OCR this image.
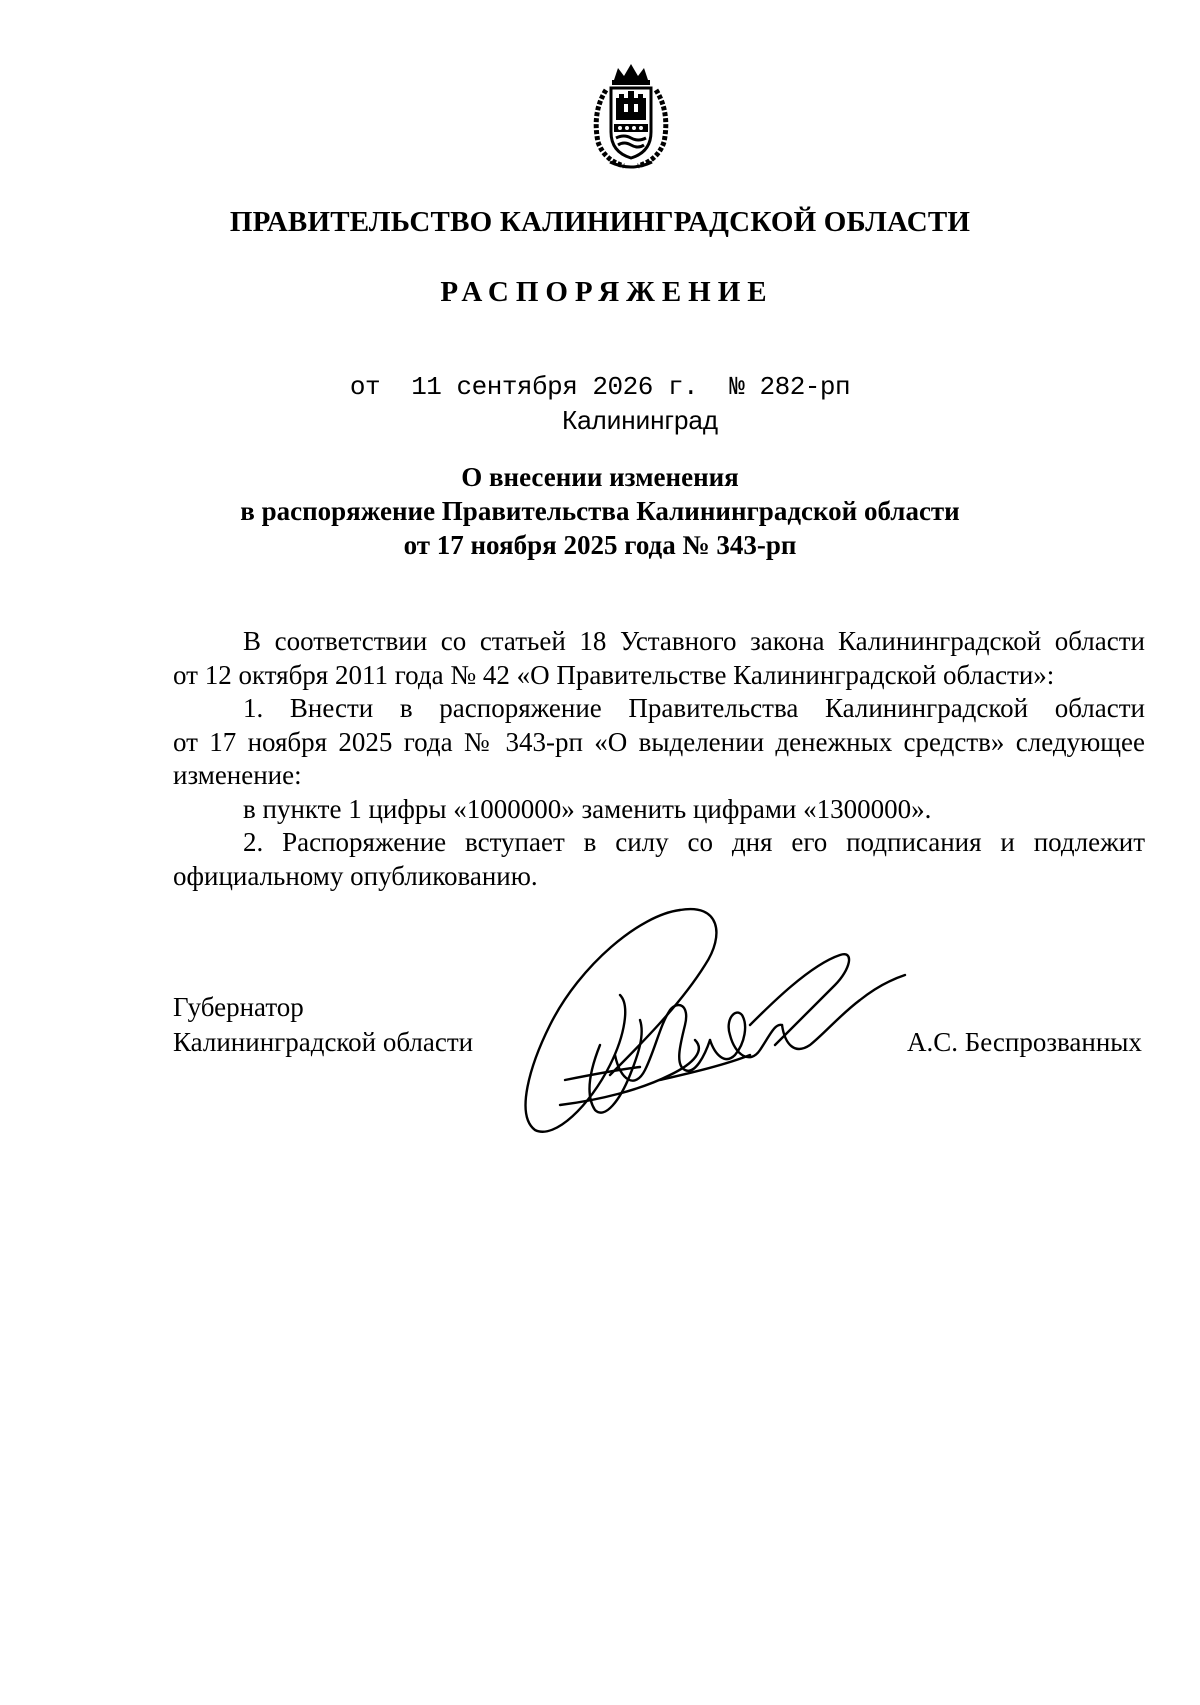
ПРАВИТЕЛЬСТВО КАЛИНИНГРАДСКОЙ ОБЛАСТИ
РАСПОРЯЖЕНИЕ
от 11 сентября 2026 г. № 282-рп
Калининград
О внесении изменения
в распоряжение Правительства Калининградской области
от 17 ноября 2025 года № 343-рп

В соответствии со статьей 18 Уставного закона Калининградской области

от 12 октября 2011 года № 42 «О Правительстве Калининградской области»:

1. Внести в распоряжение Правительства Калининградской области

от 17 ноября 2025 года № 343-рп «О выделении денежных средств» следующее

изменение:

в пункте 1 цифры «1000000» заменить цифрами «1300000».

2. Распоряжение вступает в силу со дня его подписания и подлежит

официальному опубликованию.

Губернатор
Калининградской области	А.С. Беспрозванных
